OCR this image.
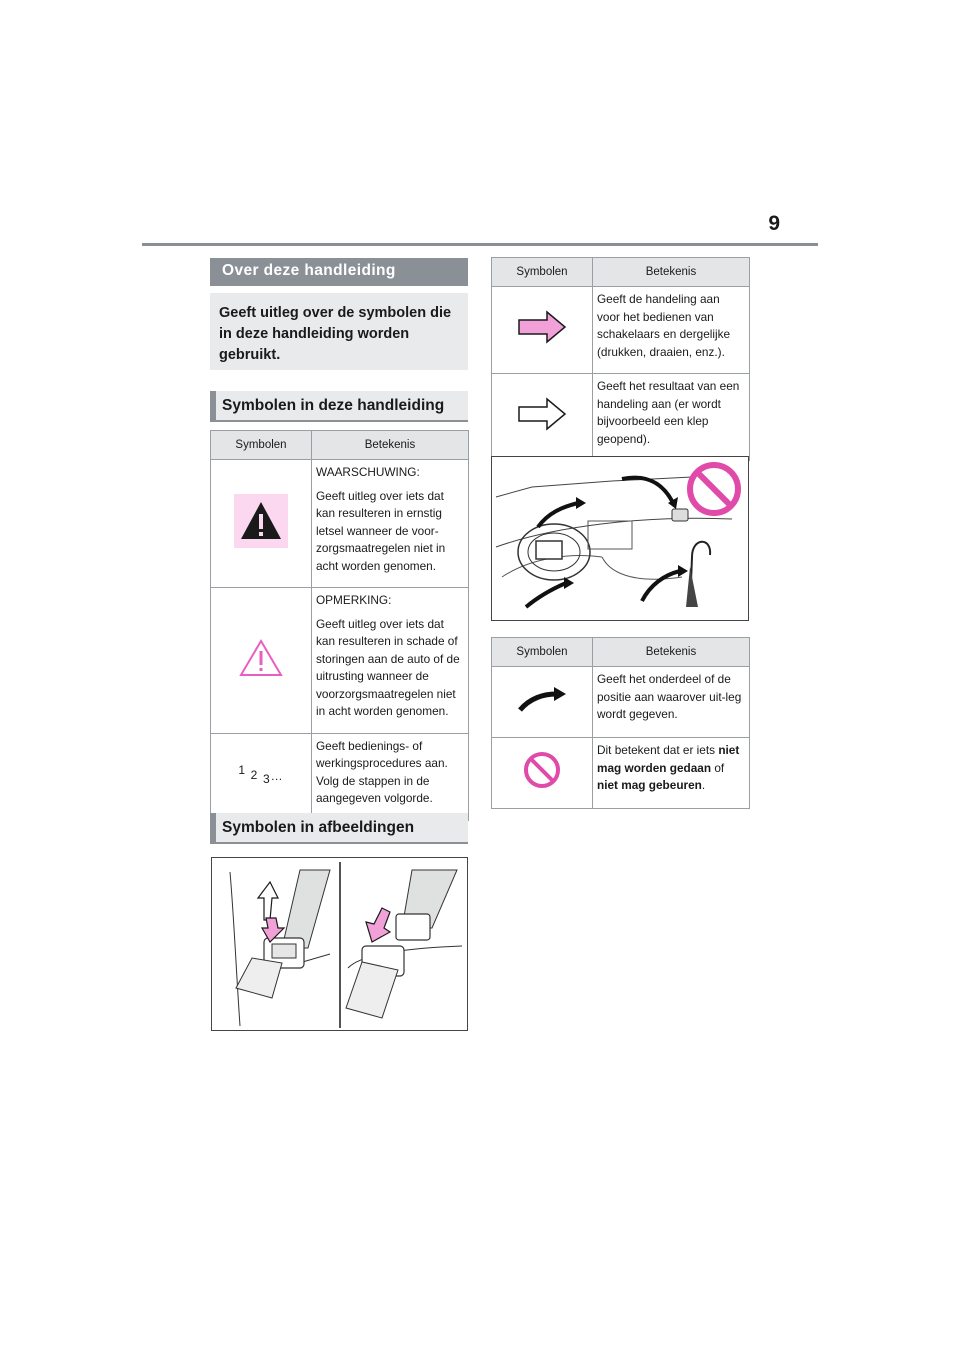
9
Over deze handleiding
Geeft uitleg over de symbolen die in deze handleiding worden gebruikt.
Symbolen in deze handleiding
Symbolen	Betekenis

WAARSCHUWING:
Geeft uitleg over iets dat kan resulteren in ernstig letsel wanneer de voor-zorgsmaatregelen niet in acht worden genomen.

OPMERKING:
Geeft uitleg over iets dat kan resulteren in schade of storingen aan de auto of de uitrusting wanneer de voorzorgsmaatregelen niet in acht worden genomen.

1 2 3…	Geeft bedienings- of werkingsprocedures aan. Volg de stappen in de aangegeven volgorde.
Symbolen in afbeeldingen
Symbolen	Betekenis

Geeft de handeling aan voor het bedienen van schakelaars en dergelijke (drukken, draaien, enz.).

Geeft het resultaat van een handeling aan (er wordt bijvoorbeeld een klep geopend).
Symbolen	Betekenis

Geeft het onderdeel of de positie aan waarover uit-leg wordt gegeven.

Dit betekent dat er iets niet mag worden gedaan of niet mag gebeuren.
